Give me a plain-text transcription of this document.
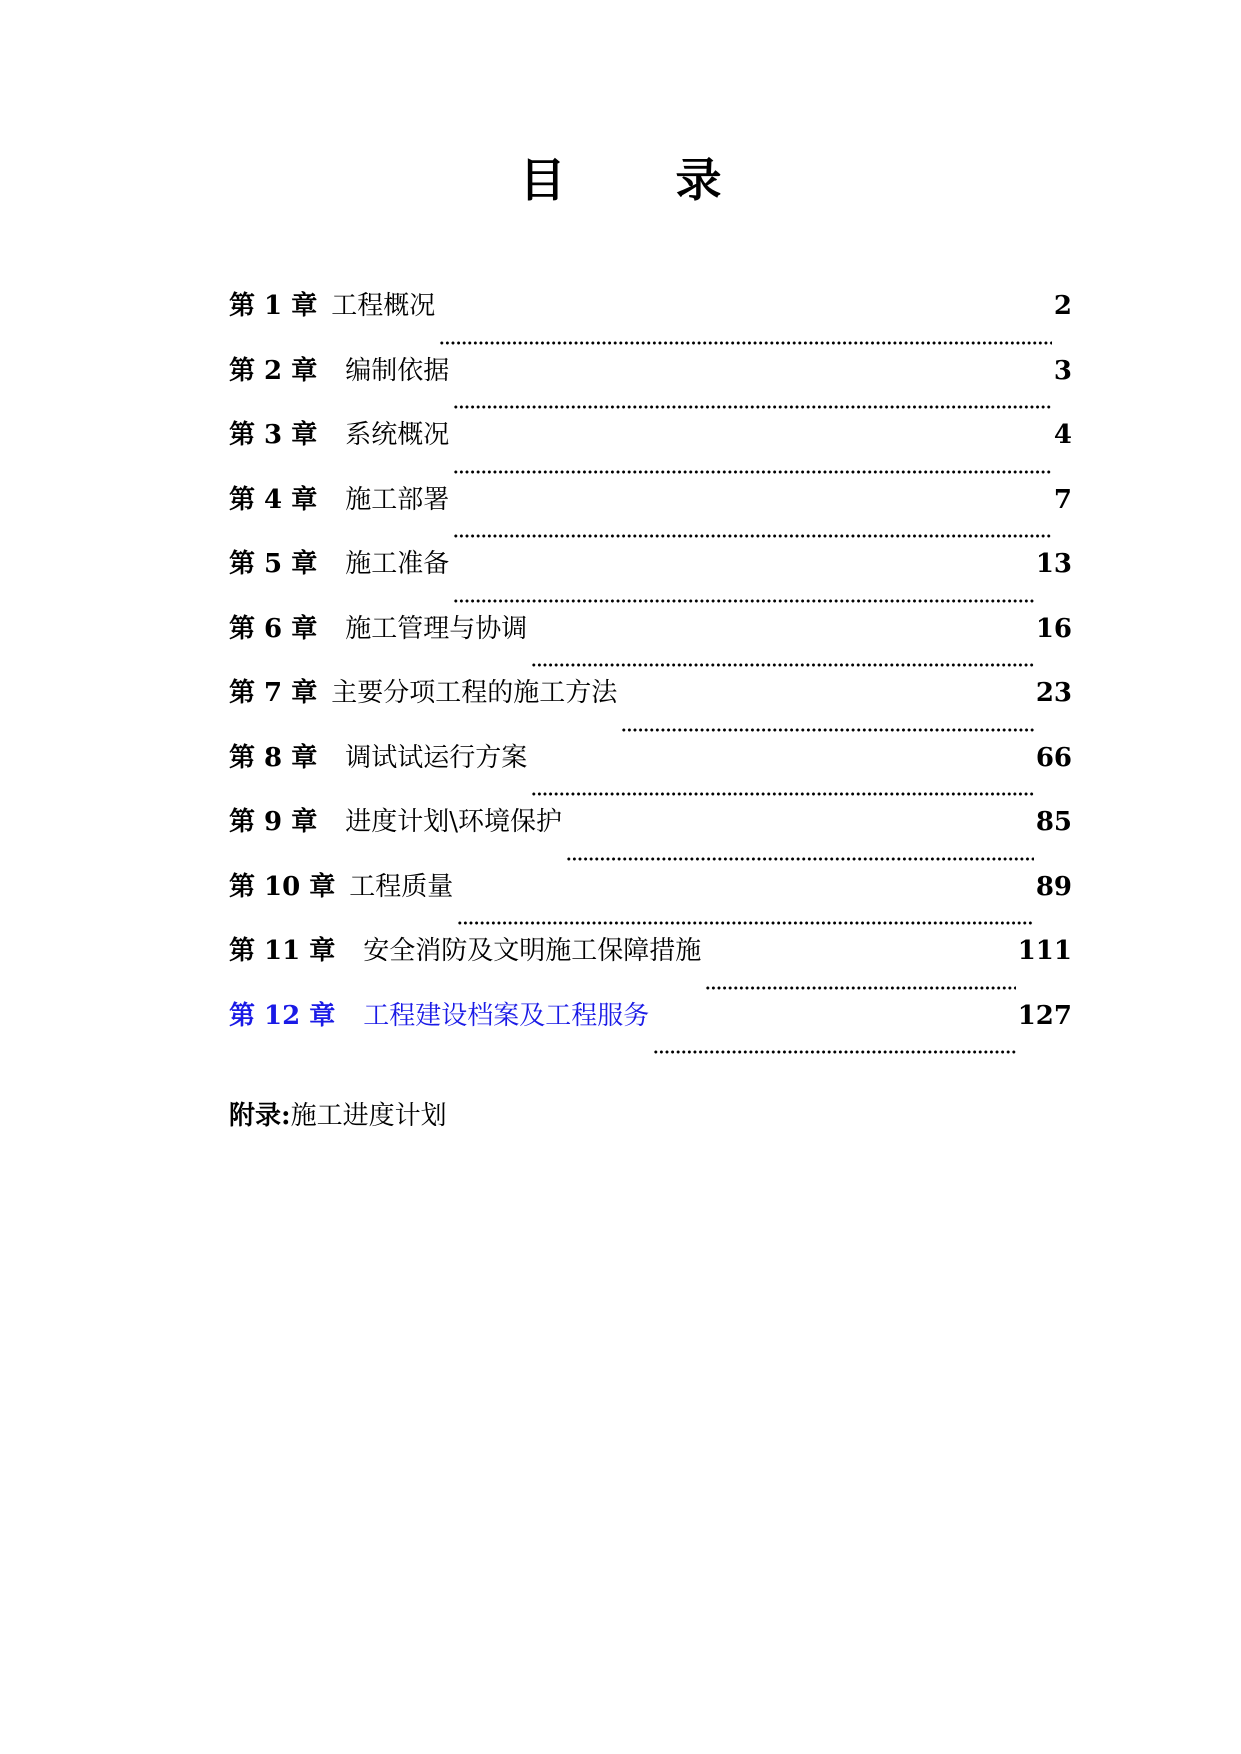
目 录
第 1 章 工程概况	2
第 2 章 编制依据	3
第 3 章 系统概况	4
第 4 章 施工部署	7
第 5 章 施工准备	13
第 6 章 施工管理与协调	16
第 7 章 主要分项工程的施工方法	23
第 8 章 调试试运行方案	66
第 9 章 进度计划\环境保护	85
第 10 章 工程质量	89
第 11 章 安全消防及文明施工保障措施	111
第 12 章 工程建设档案及工程服务	127

附录:施工进度计划
